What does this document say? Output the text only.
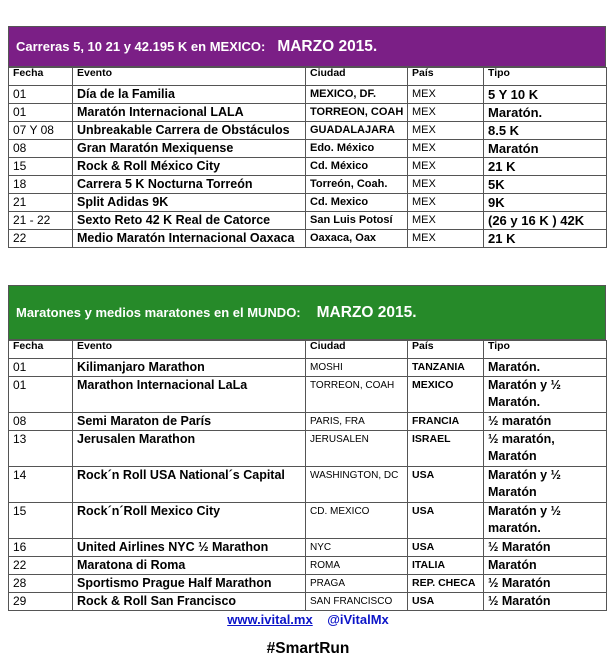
Carreras 5, 10 21 y 42.195 K en MEXICO: MARZO 2015.
Fecha	Evento	Ciudad	País	Tipo
01	Día de la Familia	MEXICO, DF.	MEX	5 Y 10 K
01	Maratón Internacional LALA	TORREON, COAH	MEX	Maratón.
07 Y 08	Unbreakable Carrera de Obstáculos	GUADALAJARA	MEX	8.5 K
08	Gran Maratón Mexiquense	Edo. México	MEX	Maratón
15	Rock & Roll México City	Cd. México	MEX	21 K
18	Carrera 5 K Nocturna Torreón	Torreón, Coah.	MEX	5K
21	Split Adidas 9K	Cd. Mexico	MEX	9K
21 - 22	Sexto Reto 42 K Real de Catorce	San Luis Potosí	MEX	(26 y 16 K ) 42K
22	Medio Maratón Internacional Oaxaca	Oaxaca, Oax	MEX	21 K
Maratones y medios maratones en el MUNDO: MARZO 2015.
Fecha	Evento	Ciudad	País	Tipo
01	Kilimanjaro Marathon	MOSHI	TANZANIA	Maratón.
01	Marathon Internacional LaLa	TORREON, COAH	MEXICO	Maratón y ½ Maratón.
08	Semi Maraton de París	PARIS, FRA	FRANCIA	½ maratón
13	Jerusalen Marathon	JERUSALEN	ISRAEL	½ maratón, Maratón
14	Rock´n Roll USA National´s Capital	WASHINGTON, DC	USA	Maratón y ½ Maratón
15	Rock´n´Roll Mexico City	CD. MEXICO	USA	Maratón y ½ maratón.
16	United Airlines NYC ½ Marathon	NYC	USA	½ Maratón
22	Maratona di Roma	ROMA	ITALIA	Maratón
28	Sportismo Prague Half Marathon	PRAGA	REP. CHECA	½ Maratón
29	Rock & Roll San Francisco	SAN FRANCISCO	USA	½ Maratón
www.ivital.mx @iVitalMx
#SmartRun
